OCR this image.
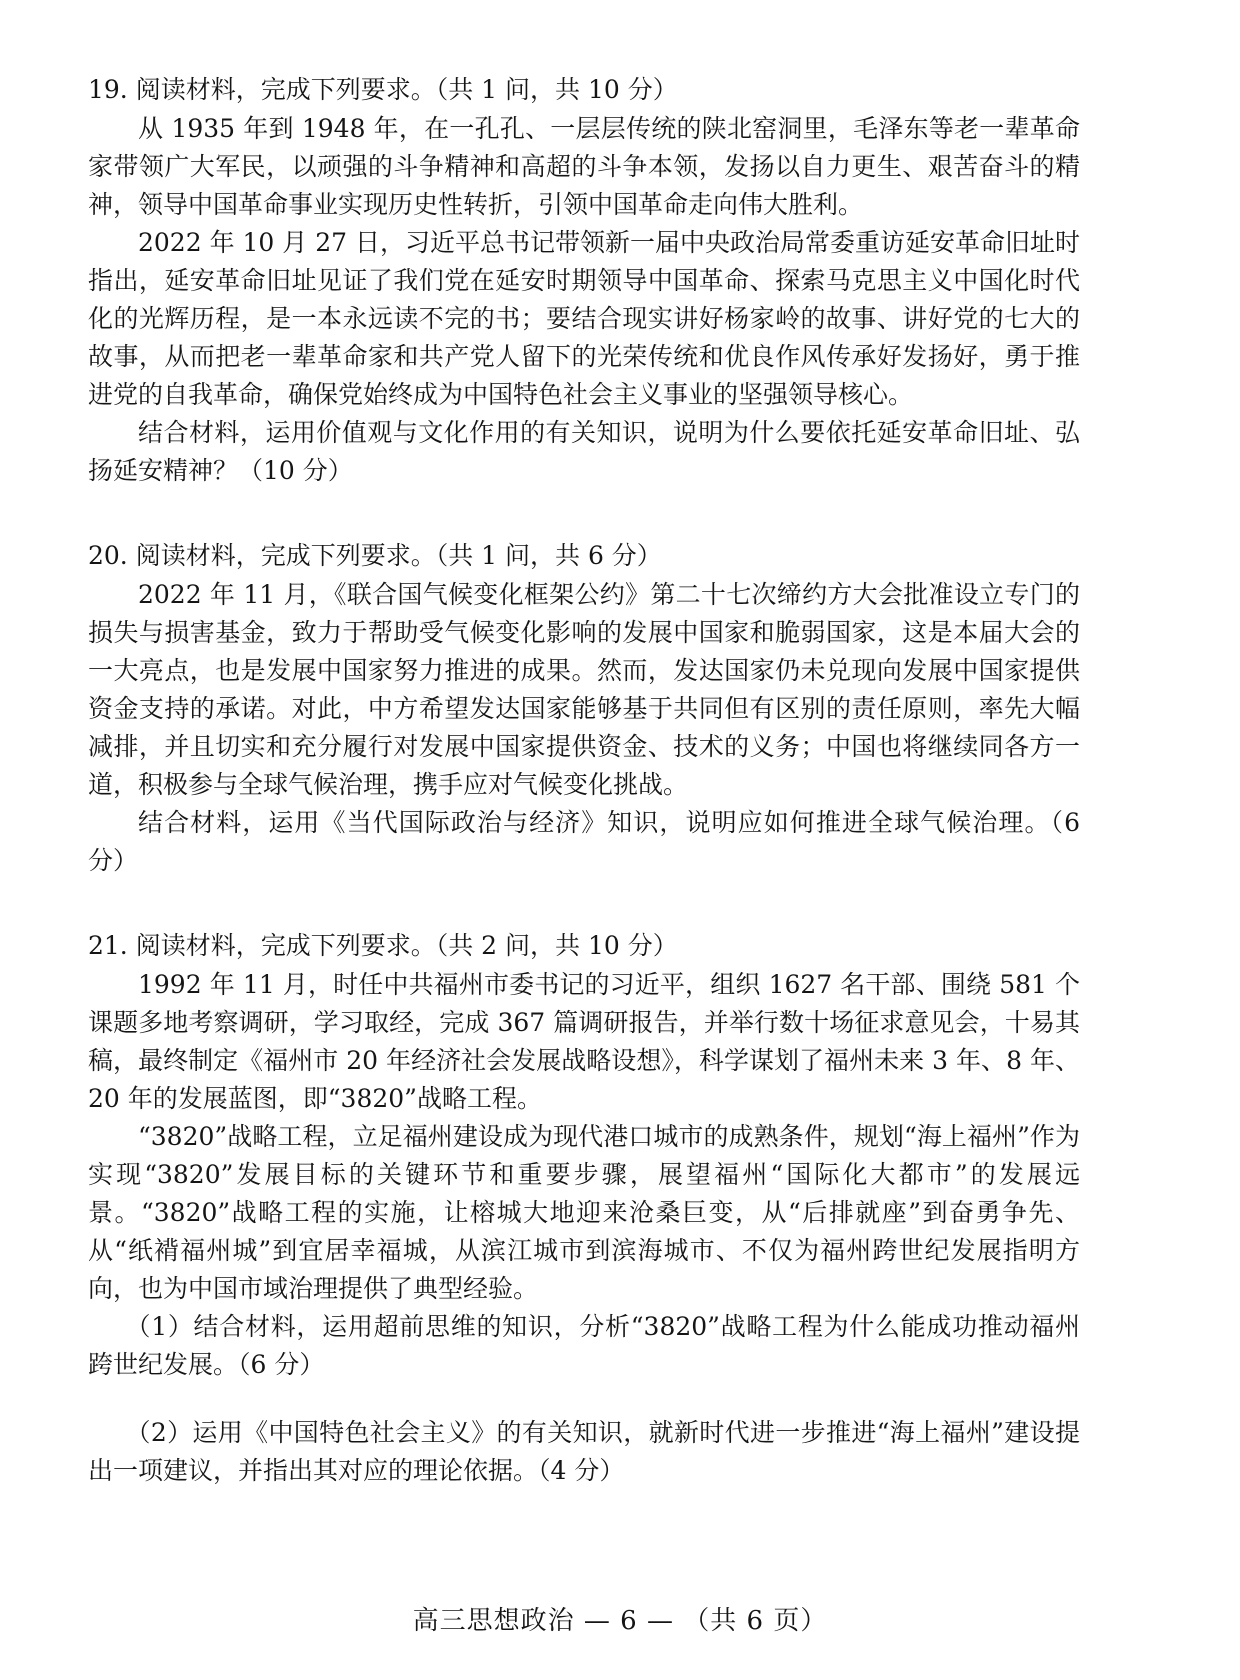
19. 阅读材料，完成下列要求。（共 1 问，共 10 分）

从 1935 年到 1948 年，在一孔孔、一层层传统的陕北窑洞里，毛泽东等老一辈革命家带领广大军民，以顽强的斗争精神和高超的斗争本领，发扬以自力更生、艰苦奋斗的精神，领导中国革命事业实现历史性转折，引领中国革命走向伟大胜利。

2022 年 10 月 27 日，习近平总书记带领新一届中央政治局常委重访延安革命旧址时指出，延安革命旧址见证了我们党在延安时期领导中国革命、探索马克思主义中国化时代化的光辉历程，是一本永远读不完的书；要结合现实讲好杨家岭的故事、讲好党的七大的故事，从而把老一辈革命家和共产党人留下的光荣传统和优良作风传承好发扬好，勇于推进党的自我革命，确保党始终成为中国特色社会主义事业的坚强领导核心。

结合材料，运用价值观与文化作用的有关知识，说明为什么要依托延安革命旧址、弘扬延安精神？（10 分）

20. 阅读材料，完成下列要求。（共 1 问，共 6 分）

2022 年 11 月，《联合国气候变化框架公约》第二十七次缔约方大会批准设立专门的损失与损害基金，致力于帮助受气候变化影响的发展中国家和脆弱国家，这是本届大会的一大亮点，也是发展中国家努力推进的成果。然而，发达国家仍未兑现向发展中国家提供资金支持的承诺。对此，中方希望发达国家能够基于共同但有区别的责任原则，率先大幅减排，并且切实和充分履行对发展中国家提供资金、技术的义务；中国也将继续同各方一道，积极参与全球气候治理，携手应对气候变化挑战。

结合材料，运用《当代国际政治与经济》知识，说明应如何推进全球气候治理。（6 分）

21. 阅读材料，完成下列要求。（共 2 问，共 10 分）

1992 年 11 月，时任中共福州市委书记的习近平，组织 1627 名干部、围绕 581 个课题多地考察调研，学习取经，完成 367 篇调研报告，并举行数十场征求意见会，十易其稿，最终制定《福州市 20 年经济社会发展战略设想》，科学谋划了福州未来 3 年、8 年、20 年的发展蓝图，即“3820”战略工程。

“3820”战略工程，立足福州建设成为现代港口城市的成熟条件，规划“海上福州”作为实现“3820”发展目标的关键环节和重要步骤，展望福州“国际化大都市”的发展远景。“3820”战略工程的实施，让榕城大地迎来沧桑巨变，从“后排就座”到奋勇争先、从“纸褙福州城”到宜居幸福城，从滨江城市到滨海城市、不仅为福州跨世纪发展指明方向，也为中国市域治理提供了典型经验。

（1）结合材料，运用超前思维的知识，分析“3820”战略工程为什么能成功推动福州跨世纪发展。（6 分）

（2）运用《中国特色社会主义》的有关知识，就新时代进一步推进“海上福州”建设提出一项建议，并指出其对应的理论依据。（4 分）

高三思想政治 — 6 — （共 6 页）
